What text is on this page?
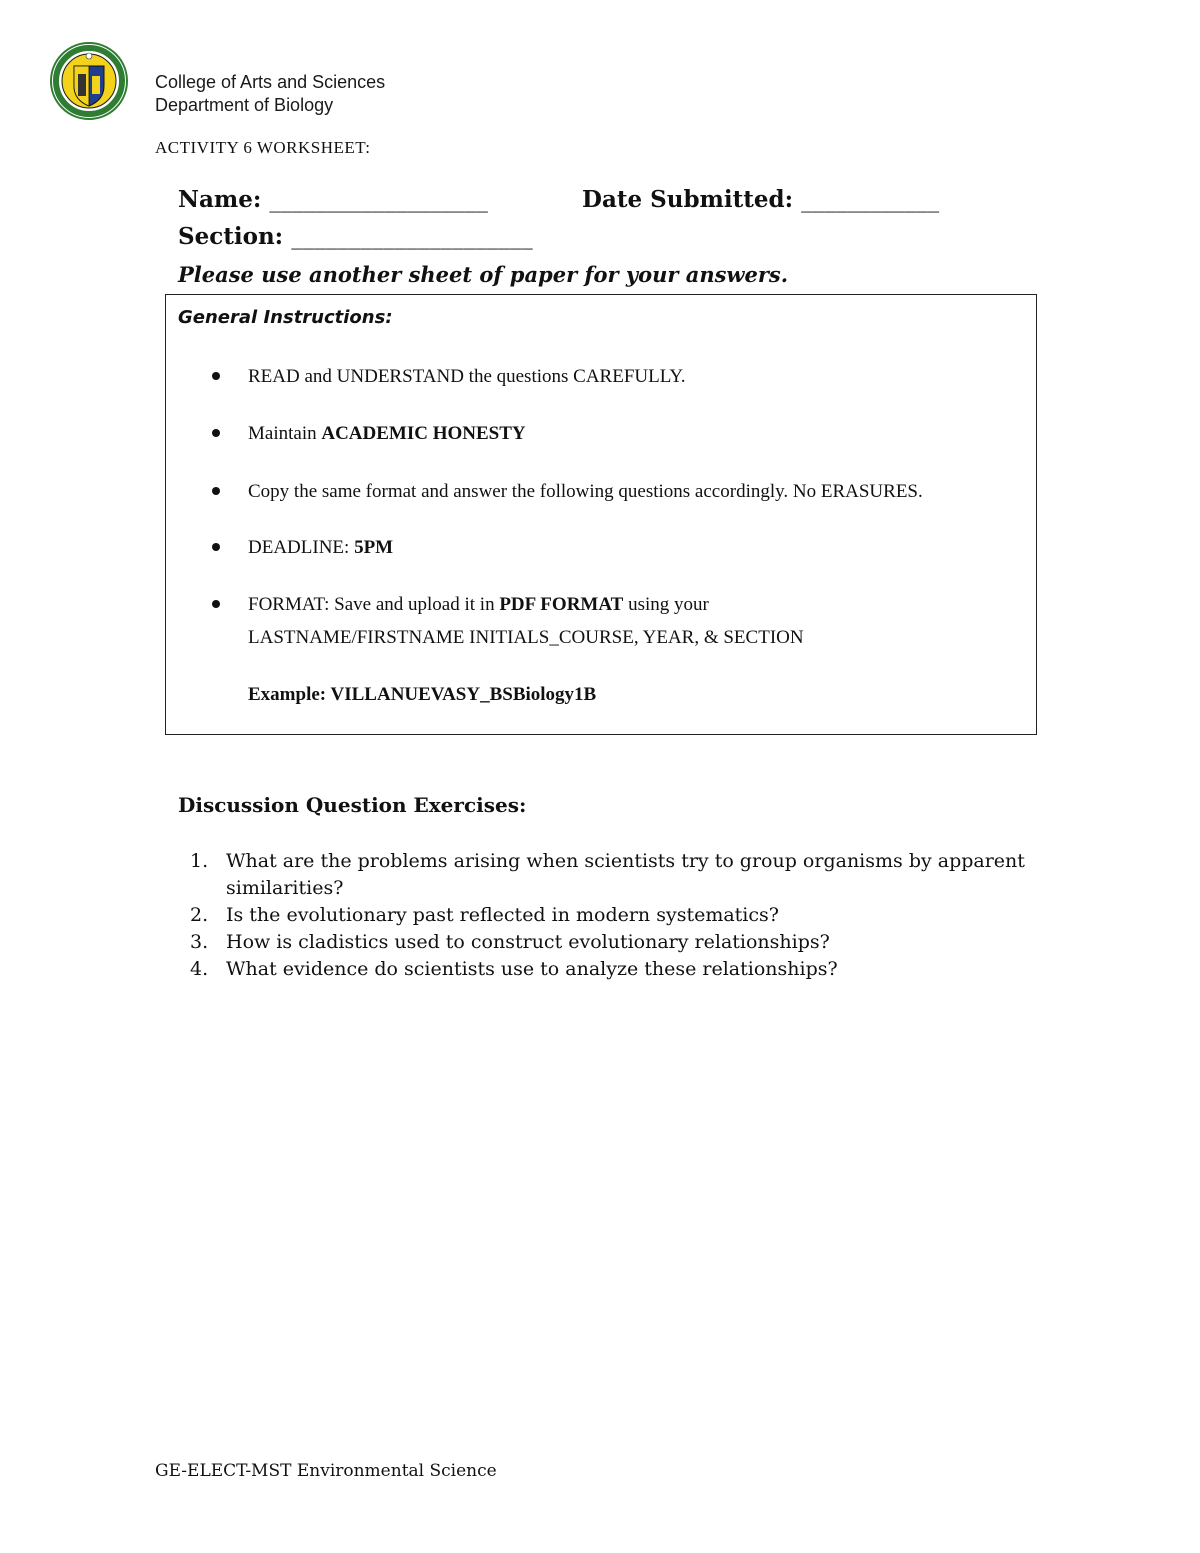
College of Arts and Sciences
Department of Biology
ACTIVITY 6 WORKSHEET:
Name: ___________________	Date Submitted: ____________
Section: _____________________
Please use another sheet of paper for your answers.
General Instructions:
READ and UNDERSTAND the questions CAREFULLY.
Maintain ACADEMIC HONESTY
Copy the same format and answer the following questions accordingly. No ERASURES.
DEADLINE: 5PM
FORMAT: Save and upload it in PDF FORMAT using your
LASTNAME/FIRSTNAME INITIALS_COURSE, YEAR, & SECTION
Example: VILLANUEVASY_BSBiology1B
Discussion Question Exercises:
1. What are the problems arising when scientists try to group organisms by apparent similarities?
2. Is the evolutionary past reflected in modern systematics?
3. How is cladistics used to construct evolutionary relationships?
4. What evidence do scientists use to analyze these relationships?
GE-ELECT-MST Environmental Science
